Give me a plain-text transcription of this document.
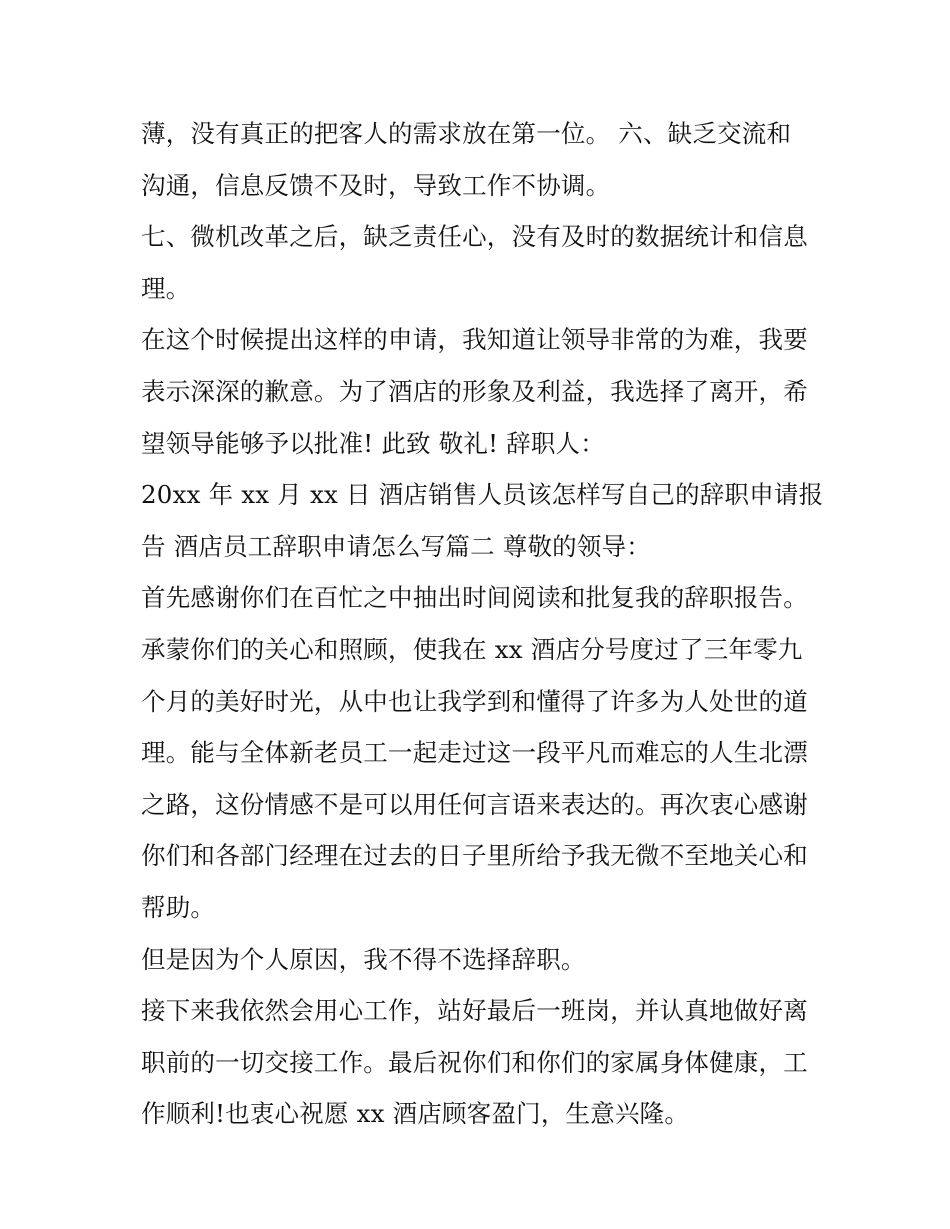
薄，没有真正的把客人的需求放在第一位。 六、缺乏交流和
沟通，信息反馈不及时，导致工作不协调。
七、微机改革之后，缺乏责任心，没有及时的数据统计和信息
理。
在这个时候提出这样的申请，我知道让领导非常的为难，我要
表示深深的歉意。为了酒店的形象及利益，我选择了离开，希
望领导能够予以批准! 此致 敬礼! 辞职人：
20xx 年 xx 月 xx 日 酒店销售人员该怎样写自己的辞职申请报
告 酒店员工辞职申请怎么写篇二 尊敬的领导：
首先感谢你们在百忙之中抽出时间阅读和批复我的辞职报告。
承蒙你们的关心和照顾，使我在 xx 酒店分号度过了三年零九
个月的美好时光，从中也让我学到和懂得了许多为人处世的道
理。能与全体新老员工一起走过这一段平凡而难忘的人生北漂
之路，这份情感不是可以用任何言语来表达的。再次衷心感谢
你们和各部门经理在过去的日子里所给予我无微不至地关心和
帮助。
但是因为个人原因，我不得不选择辞职。
接下来我依然会用心工作，站好最后一班岗，并认真地做好离
职前的一切交接工作。最后祝你们和你们的家属身体健康，工
作顺利!也衷心祝愿 xx 酒店顾客盈门，生意兴隆。
